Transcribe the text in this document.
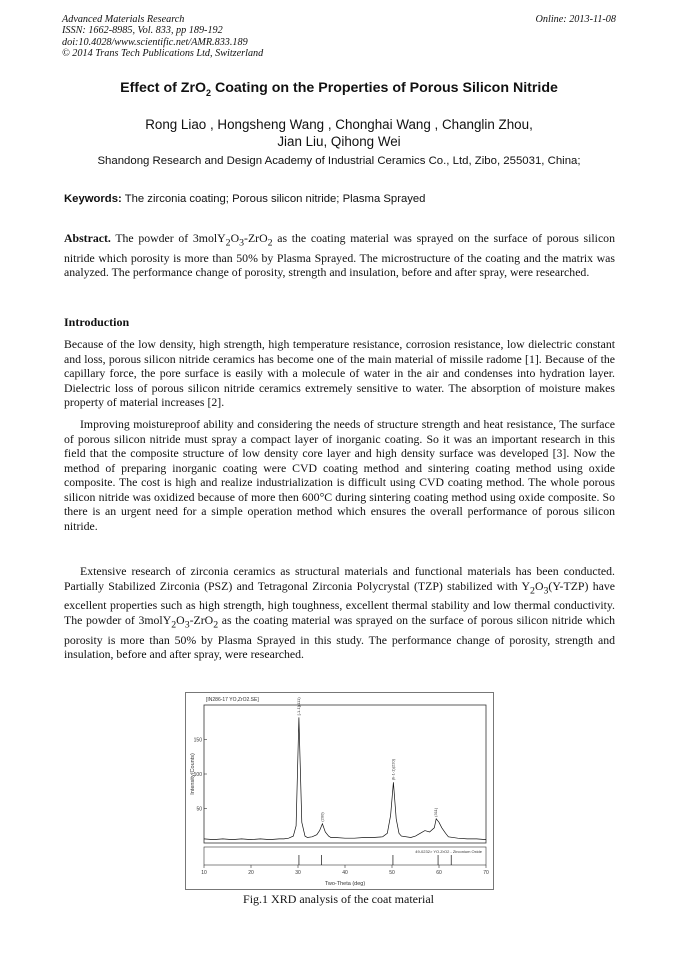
Advanced Materials Research
ISSN: 1662-8985, Vol. 833, pp 189-192
doi:10.4028/www.scientific.net/AMR.833.189
© 2014 Trans Tech Publications Ltd, Switzerland
Online: 2013-11-08
Effect of ZrO$_2$ Coating on the Properties of Porous Silicon Nitride
Rong Liao , Hongsheng Wang , Chonghai Wang , Changlin Zhou,
Jian Liu, Qihong Wei
Shandong Research and Design Academy of Industrial Ceramics Co., Ltd, Zibo, 255031, China;
Keywords: The zirconia coating; Porous silicon nitride; Plasma Sprayed

Abstract. The powder of $3molY_2O_3-ZrO_2$ as the coating material was sprayed on the surface of porous silicon nitride which porosity is more than 50% by Plasma Sprayed. The microstructure of the coating and the matrix was analyzed. The performance change of porosity, strength and insulation, before and after spray, were researched.

Introduction

Because of the low density, high strength, high temperature resistance, corrosion resistance, low dielectric constant and loss, porous silicon nitride ceramics has become one of the main material of missile radome [1]. Because of the capillary force, the pore surface is easily with a molecule of water in the air and condenses into hydration layer. Dielectric loss of porous silicon nitride ceramics extremely sensitive to water. The absorption of moisture makes property of material increases [2].

Improving moistureproof ability and considering the needs of structure strength and heat resistance, The surface of porous silicon nitride must spray a compact layer of inorganic coating. So it was an important research in this field that the composite structure of low density core layer and high density surface was developed [3]. Now the method of preparing inorganic coating were CVD coating method and sintering coating method using oxide composite. The cost is high and realize industrialization is difficult using CVD coating method. The whole porous silicon nitride was oxidized because of more then 600°C during sintering coating method using oxide composite. So there is an urgent need for a simple operation method which ensures the overall performance of porous silicon nitride.

Extensive research of zirconia ceramics as structural materials and functional materials has been conducted. Partially Stabilized Zirconia (PSZ) and Tetragonal Zirconia Polycrystal (TZP) stabilized with $Y_2O_3(Y-TZP)$ have excellent properties such as high strength, high toughness, excellent thermal stability and low thermal conductivity. The powder of $3molY_2O_3-ZrO_2$ as the coating material was sprayed on the surface of porous silicon nitride which porosity is more than 50% by Plasma Sprayed in this study. The performance change of porosity, strength and insulation, before and after spray, were researched.

[IN286-17 YO,ZrO2.SE]
50
100
150
Intensity(Counts)
[-1-1](111)
(200)
(h-1-1)(220)
(311)
49-0232> YO.ZrO2 - Zirconium Oxide
10	20	30	40	50	60	70
Two-Theta (deg)
Fig.1 XRD analysis of the coat material
